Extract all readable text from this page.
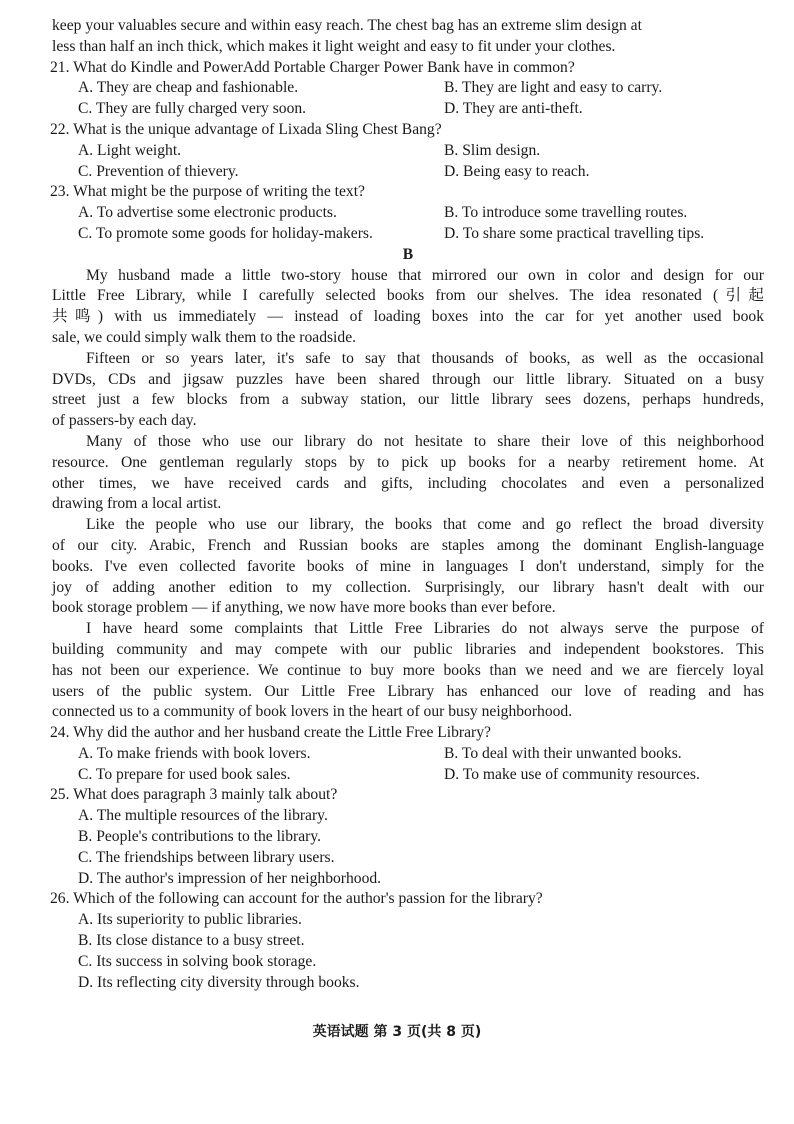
keep your valuables secure and within easy reach. The chest bag has an extreme slim design at
less than half an inch thick, which makes it light weight and easy to fit under your clothes.
21. What do Kindle and PowerAdd Portable Charger Power Bank have in common?
A. They are cheap and fashionable.	B. They are light and easy to carry.
C. They are fully charged very soon.	D. They are anti-theft.
22. What is the unique advantage of Lixada Sling Chest Bang?
A. Light weight.	B. Slim design.
C. Prevention of thievery.	D. Being easy to reach.
23. What might be the purpose of writing the text?
A. To advertise some electronic products.	B. To introduce some travelling routes.
C. To promote some goods for holiday-makers.	D. To share some practical travelling tips.
B
My husband made a little two-story house that mirrored our own in color and design for our
Little Free Library, while I carefully selected books from our shelves. The idea resonated (引起
共鸣) with us immediately — instead of loading boxes into the car for yet another used book
sale, we could simply walk them to the roadside.
Fifteen or so years later, it's safe to say that thousands of books, as well as the occasional
DVDs, CDs and jigsaw puzzles have been shared through our little library. Situated on a busy
street just a few blocks from a subway station, our little library sees dozens, perhaps hundreds,
of passers-by each day.
Many of those who use our library do not hesitate to share their love of this neighborhood
resource. One gentleman regularly stops by to pick up books for a nearby retirement home. At
other times, we have received cards and gifts, including chocolates and even a personalized
drawing from a local artist.
Like the people who use our library, the books that come and go reflect the broad diversity
of our city. Arabic, French and Russian books are staples among the dominant English-language
books. I've even collected favorite books of mine in languages I don't understand, simply for the
joy of adding another edition to my collection. Surprisingly, our library hasn't dealt with our
book storage problem — if anything, we now have more books than ever before.
I have heard some complaints that Little Free Libraries do not always serve the purpose of
building community and may compete with our public libraries and independent bookstores. This
has not been our experience. We continue to buy more books than we need and we are fiercely loyal
users of the public system. Our Little Free Library has enhanced our love of reading and has
connected us to a community of book lovers in the heart of our busy neighborhood.
24. Why did the author and her husband create the Little Free Library?
A. To make friends with book lovers.	B. To deal with their unwanted books.
C. To prepare for used book sales.	D. To make use of community resources.
25. What does paragraph 3 mainly talk about?
A. The multiple resources of the library.
B. People's contributions to the library.
C. The friendships between library users.
D. The author's impression of her neighborhood.
26. Which of the following can account for the author's passion for the library?
A. Its superiority to public libraries.
B. Its close distance to a busy street.
C. Its success in solving book storage.
D. Its reflecting city diversity through books.
英语试题 第 3 页(共 8 页)
